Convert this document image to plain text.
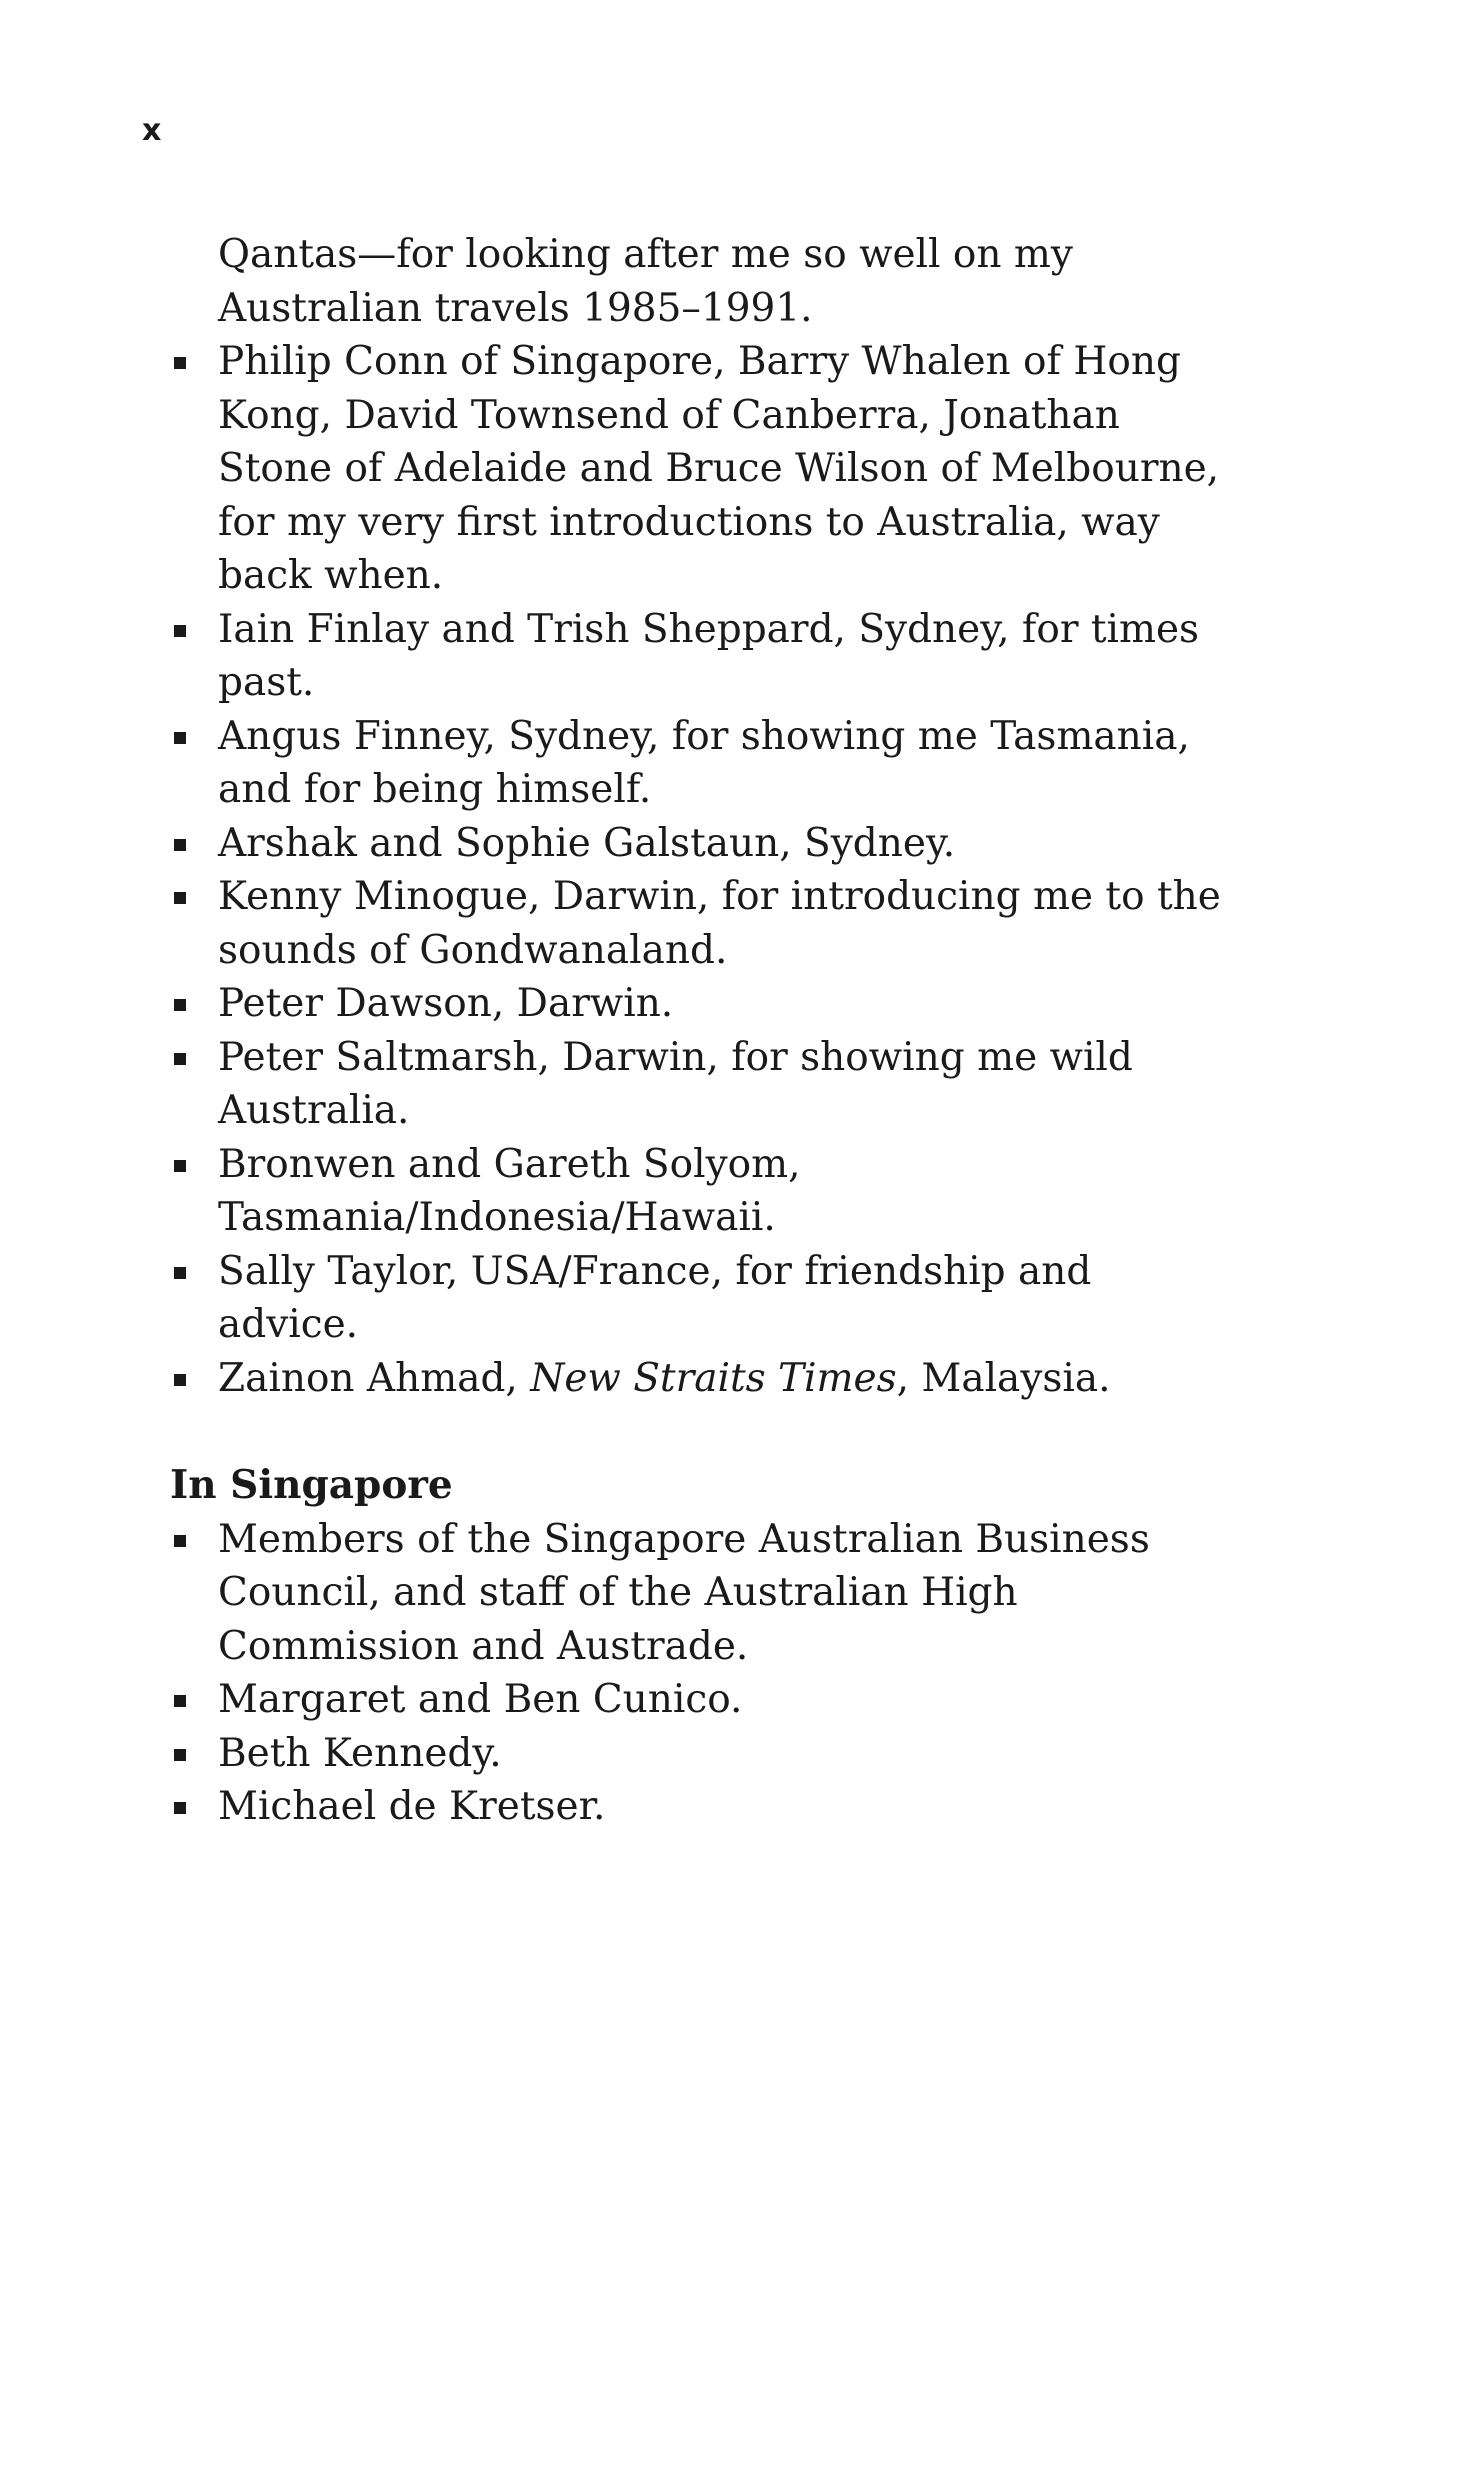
x
Qantas—for looking after me so well on my Australian travels 1985–1991.
Philip Conn of Singapore, Barry Whalen of Hong Kong, David Townsend of Canberra, Jonathan Stone of Adelaide and Bruce Wilson of Melbourne, for my very first introductions to Australia, way back when.
Iain Finlay and Trish Sheppard, Sydney, for times past.
Angus Finney, Sydney, for showing me Tasmania, and for being himself.
Arshak and Sophie Galstaun, Sydney.
Kenny Minogue, Darwin, for introducing me to the sounds of Gondwanaland.
Peter Dawson, Darwin.
Peter Saltmarsh, Darwin, for showing me wild Australia.
Bronwen and Gareth Solyom, Tasmania/Indonesia/Hawaii.
Sally Taylor, USA/France, for friendship and advice.
Zainon Ahmad, New Straits Times, Malaysia.
In Singapore
Members of the Singapore Australian Business Council, and staff of the Australian High Commission and Austrade.
Margaret and Ben Cunico.
Beth Kennedy.
Michael de Kretser.
